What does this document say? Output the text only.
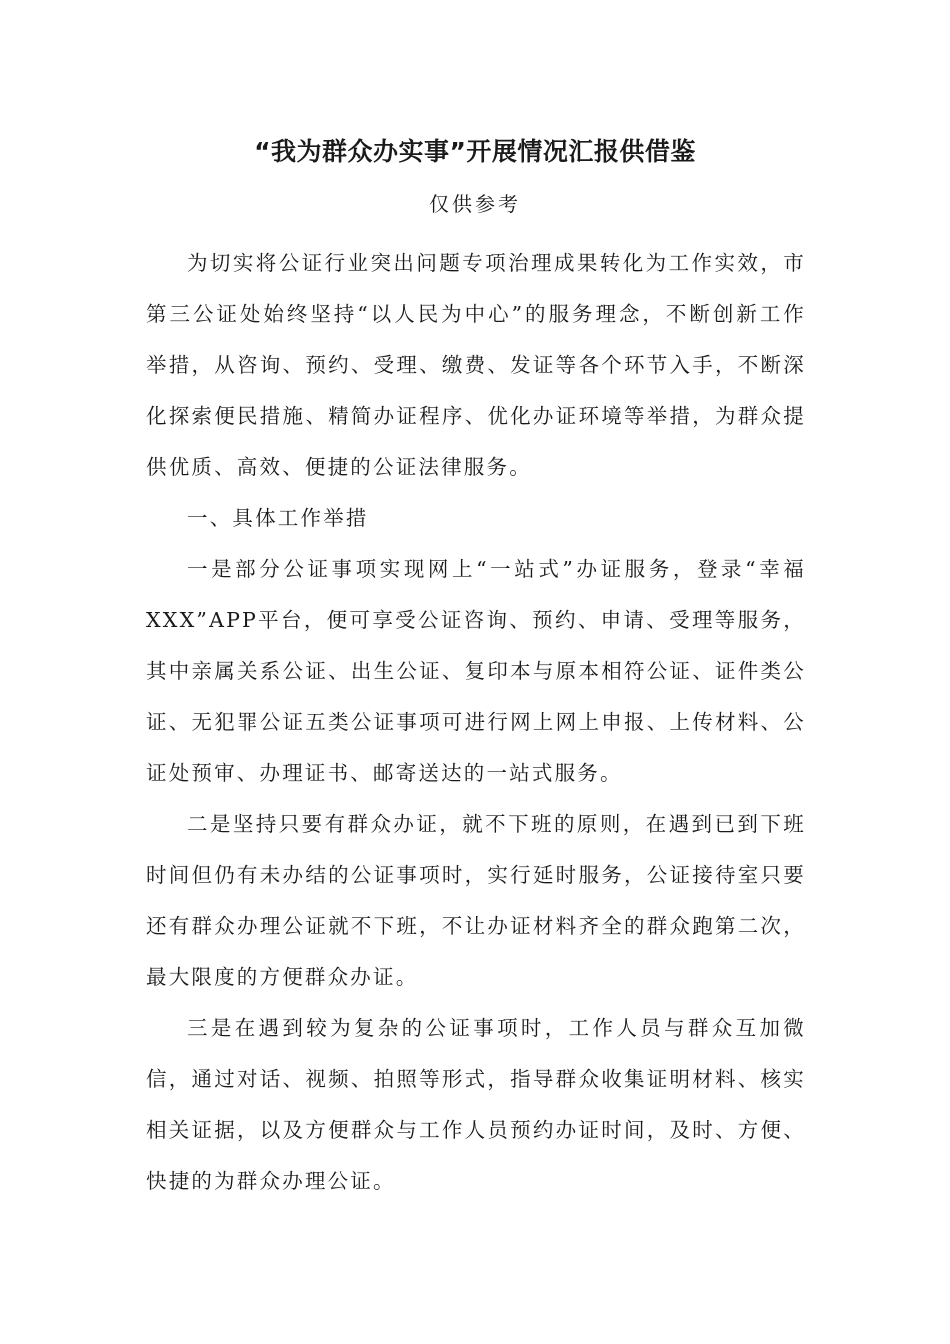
“我为群众办实事”开展情况汇报供借鉴
仅供参考

为切实将公证行业突出问题专项治理成果转化为工作实效，市第三公证处始终坚持“以人民为中心”的服务理念，不断创新工作举措，从咨询、预约、受理、缴费、发证等各个环节入手，不断深化探索便民措施、精简办证程序、优化办证环境等举措，为群众提供优质、高效、便捷的公证法律服务。

一、具体工作举措

一是部分公证事项实现网上“一站式”办证服务，登录“幸福XXX”APP平台，便可享受公证咨询、预约、申请、受理等服务，其中亲属关系公证、出生公证、复印本与原本相符公证、证件类公证、无犯罪公证五类公证事项可进行网上网上申报、上传材料、公证处预审、办理证书、邮寄送达的一站式服务。

二是坚持只要有群众办证，就不下班的原则，在遇到已到下班时间但仍有未办结的公证事项时，实行延时服务，公证接待室只要还有群众办理公证就不下班，不让办证材料齐全的群众跑第二次，最大限度的方便群众办证。

三是在遇到较为复杂的公证事项时，工作人员与群众互加微信，通过对话、视频、拍照等形式，指导群众收集证明材料、核实相关证据，以及方便群众与工作人员预约办证时间，及时、方便、快捷的为群众办理公证。
